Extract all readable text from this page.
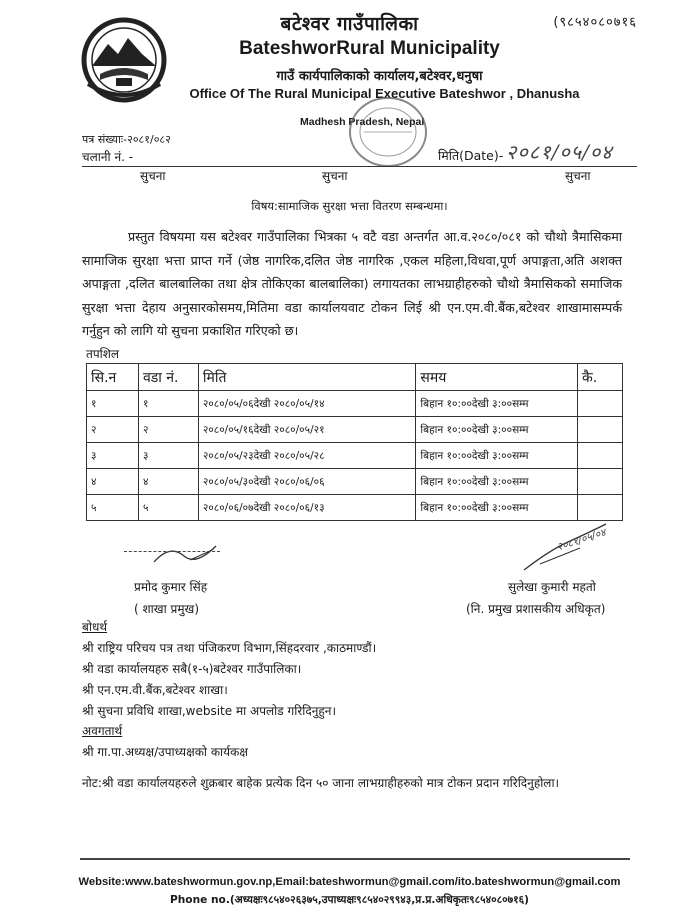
(९८५४०८०७१६
बटेश्वर गाउँपालिका
BateshworRural Municipality
गाउँ कार्यपालिकाको कार्यालय,बटेश्वर,धनुषा
Office Of The Rural Municipal Executive Bateshwor , Dhanusha
Madhesh Pradesh, Nepal
पत्र संख्याः-२०८१/०८२
चलानी नं. -	मिति(Date)- २०८१/०५/०४
सुचना	सुचना	सुचना
विषय:सामाजिक सुरक्षा भत्ता वितरण सम्बन्धमा।
प्रस्तुत विषयमा यस बटेश्वर गाउँपालिका भित्रका ५ वटै वडा अन्तर्गत आ.व.२०८०/०८१ को चौथो त्रैमासिकमा सामाजिक सुरक्षा भत्ता प्राप्त गर्ने (जेष्ठ नागरिक,दलित जेष्ठ नागरिक ,एकल महिला,विधवा,पूर्ण अपाङ्गता,अति अशक्त अपाङ्गता ,दलित बालबालिका तथा क्षेत्र तोकिएका बालबालिका) लगायतका लाभग्राहीहरुको चौथो त्रैमासिकको समाजिक सुरक्षा भत्ता देहाय अनुसारकोसमय,मितिमा वडा कार्यालयवाट टोकन लिई श्री एन.एम.वी.बैंक,बटेश्वर शाखामासम्पर्क गर्नुहुन को लागि यो सुचना प्रकाशित गरिएको छ।
तपशिल
सि.न	वडा नं.	मिति	समय	कै.
१	१	२०८०/०५/०६देखी २०८०/०५/१४	बिहान १०:००देखी ३:००सम्म	
२	२	२०८०/०५/१६देखी २०८०/०५/२१	बिहान १०:००देखी ३:००सम्म	
३	३	२०८०/०५/२३देखी २०८०/०५/२८	बिहान १०:००देखी ३:००सम्म	
४	४	२०८०/०५/३०देखी २०८०/०६/०६	बिहान १०:००देखी ३:००सम्म	
५	५	२०८०/०६/०७देखी २०८०/०६/१३	बिहान १०:००देखी ३:००सम्म	
प्रमोद कुमार सिंह
( शाखा प्रमुख)
२०८१/०५/०४
सुलेखा कुमारी महतो
(नि. प्रमुख प्रशासकीय अधिकृत)
बोधर्थ
श्री राष्ट्रिय परिचय पत्र तथा पंजिकरण विभाग,सिंहदरवार ,काठमाण्डौं।
श्री वडा कार्यालयहरु सबै(१-५)बटेश्वर गाउँपालिका।
श्री एन.एम.वी.बैंक,बटेश्वर शाखा।
श्री सुचना प्रविधि शाखा,website मा अपलोड गरिदिनुहुन।
अवगतार्थ
श्री गा.पा.अध्यक्ष/उपाध्यक्षको कार्यकक्ष
नोट:श्री वडा कार्यालयहरुले शुक्रबार बाहेक प्रत्येक दिन ५० जाना लाभग्राहीहरुको मात्र टोकन प्रदान गरिदिनुहोला।
Website:www.bateshwormun.gov.np,Email:bateshwormun@gmail.com/ito.bateshwormun@gmail.com
Phone no.(अध्यक्षः९८५४०२६३७५,उपाध्यक्षः९८५४०२९९४३,प्र.प्र.अधिकृतः९८५४०८०७१६)
